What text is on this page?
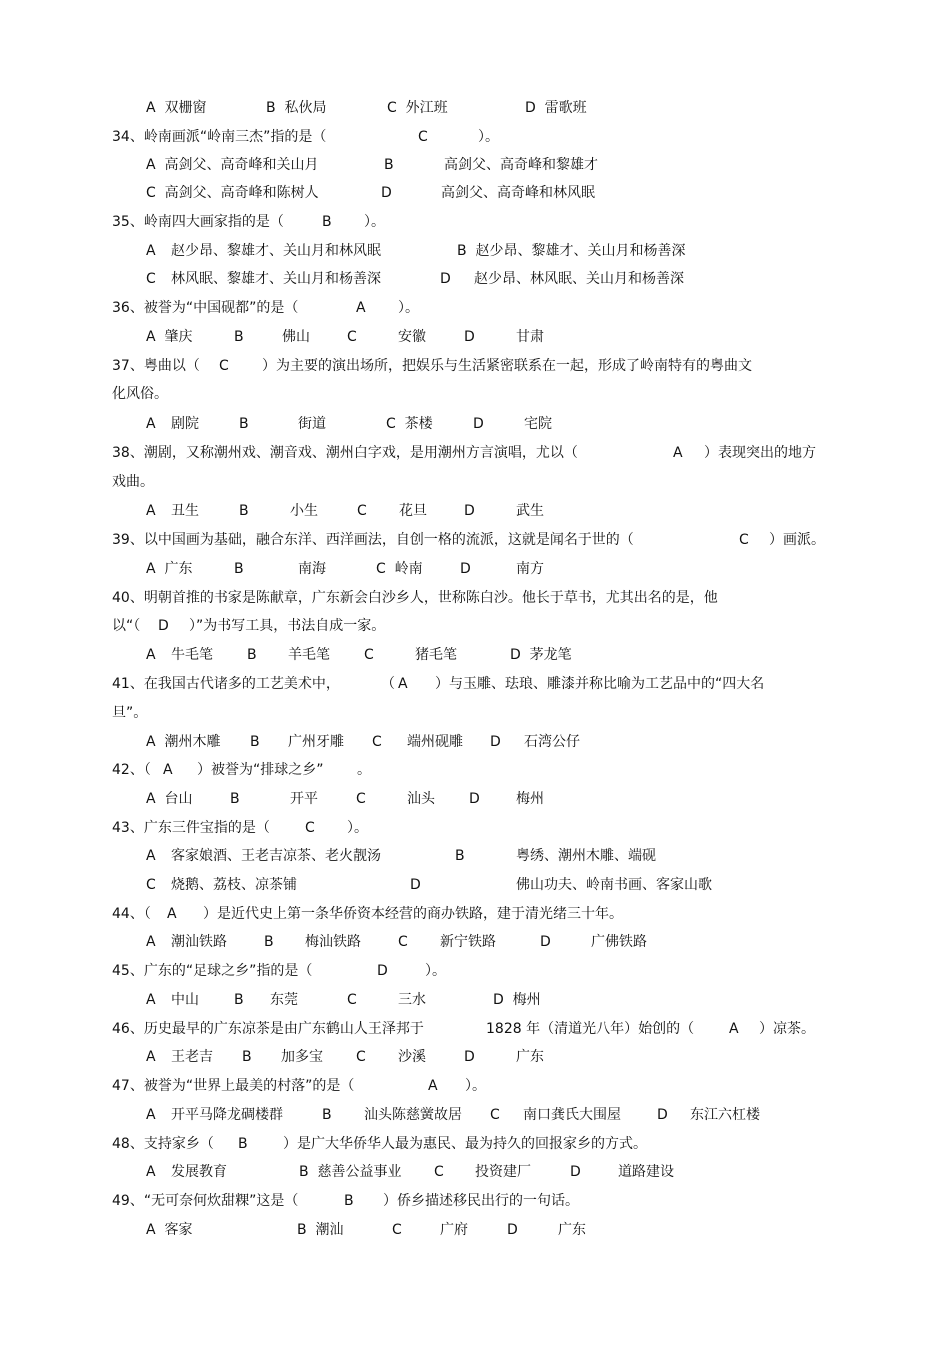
A  双栅窗	B  私伙局	C  外江班	D  雷歌班
34、岭南画派“岭南三杰”指的是（	C	）。
A  高剑父、高奇峰和关山月	B	高剑父、高奇峰和黎雄才
C  高剑父、高奇峰和陈树人	D	高剑父、高奇峰和林风眠
35、岭南四大画家指的是（	B ）。
A 赵少昂、黎雄才、关山月和林风眠	B  赵少昂、黎雄才、关山月和杨善深
C 林风眠、黎雄才、关山月和杨善深	D 赵少昂、林风眠、关山月和杨善深
36、被誉为“中国砚都”的是（	A ）。
A  肇庆	B	佛山	C	安徽	D	甘肃
37、粤曲以（ C ）为主要的演出场所，把娱乐与生活紧密联系在一起，形成了岭南特有的粤曲文
化风俗。
A 剧院	B	街道	C  茶楼	D	宅院
38、潮剧，又称潮州戏、潮音戏、潮州白字戏，是用潮州方言演唱，尤以（	A ）表现突出的地方
戏曲。
A 丑生	B	小生	C 花旦	D	武生
39、以中国画为基础，融合东洋、西洋画法，自创一格的流派，这就是闻名于世的（	C ）画派。
A  广东	B	南海	C  岭南	D	南方
40、明朝首推的书家是陈献章，广东新会白沙乡人，世称陈白沙。他长于草书，尤其出名的是，他
以“（ D ）”为书写工具，书法自成一家。
A 牛毛笔 B 羊毛笔 C	猪毛笔	D  茅龙笔
41、在我国古代诸多的工艺美术中，	（ A ）与玉雕、珐琅、雕漆并称比喻为工艺品中的“四大名
旦”。
A  潮州木雕 B 广州牙雕 C 端州砚雕 D 石湾公仔
42、（ A ）被誉为“排球之乡” 。
A  台山	B	开平	C	汕头 D	梅州
43、广东三件宝指的是（	C ）。
A 客家娘酒、王老吉凉茶、老火靓汤	B	粤绣、潮州木雕、端砚
C 烧鹅、荔枝、凉茶铺	D	佛山功夫、岭南书画、客家山歌
44、（ A ）是近代史上第一条华侨资本经营的商办铁路，建于清光绪三十年。
A 潮汕铁路	B 梅汕铁路	C 新宁铁路	D	广佛铁路
45、广东的“足球之乡”指的是（	D	）。
A 中山	B 东莞	C	三水	D  梅州
46、历史最早的广东凉茶是由广东鹤山人王泽邦于	1828 年（清道光八年）始创的（ A ）凉茶。
A 王老吉 B 加多宝 C 沙溪	D	广东
47、被誉为“世界上最美的村落”的是（	A ）。
A 开平马降龙碉楼群	B 汕头陈慈黉故居 C 南口龚氏大围屋	D 东江六杠楼
48、支持家乡（ B	）是广大华侨华人最为惠民、最为持久的回报家乡的方式。
A 发展教育	B  慈善公益事业 C 投资建厂	D	道路建设
49、“无可奈何炊甜粿”这是（	B ）侨乡描述移民出行的一句话。
A  客家	B  潮汕	C	广府	D	广东
